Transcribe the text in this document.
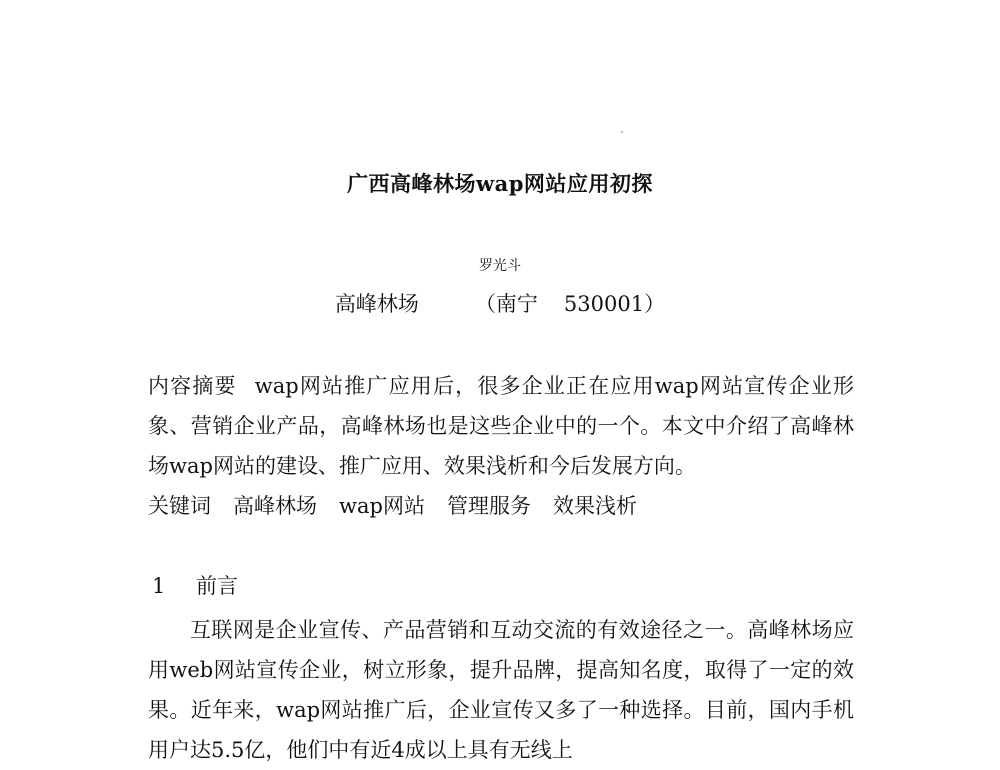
广西高峰林场wap网站应用初探
罗光斗
高峰林场	（南宁 530001）
内容摘要 wap网站推广应用后，很多企业正在应用wap网站宣传企业形象、营销企业产品，高峰林场也是这些企业中的一个。本文中介绍了高峰林场wap网站的建设、推广应用、效果浅析和今后发展方向。
关键词 高峰林场 wap网站 管理服务 效果浅析
1 前言
互联网是企业宣传、产品营销和互动交流的有效途径之一。高峰林场应用web网站宣传企业，树立形象，提升品牌，提高知名度，取得了一定的效果。近年来，wap网站推广后，企业宣传又多了一种选择。目前，国内手机用户达5.5亿，他们中有近4成以上具有无线上
